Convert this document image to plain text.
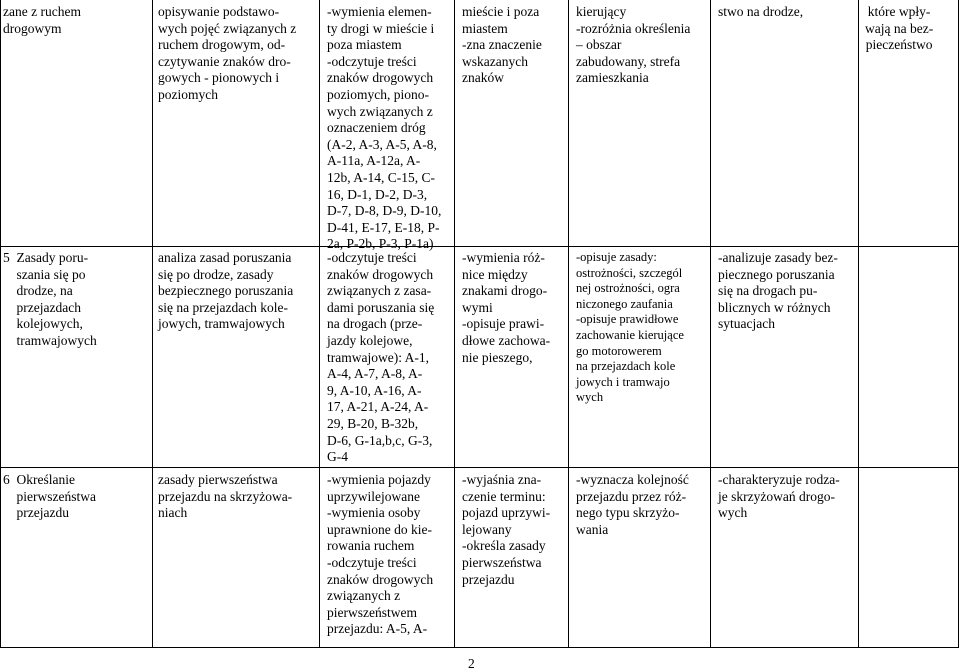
zane z ruchem
drogowym
opisywanie podstawo-
wych pojęć związanych z
ruchem drogowym, od-
czytywanie znaków dro-
gowych - pionowych i
poziomych
-wymienia elemen-
ty drogi w mieście i
poza miastem
-odczytuje treści
znaków drogowych
poziomych, piono-
wych związanych z
oznaczeniem dróg
(A-2, A-3, A-5, A-8,
A-11a, A-12a, A-
12b, A-14, C-15, C-
16, D-1, D-2, D-3,
D-7, D-8, D-9, D-10,
D-41, E-17, E-18, P-
2a, P-2b, P-3, P-1a)
mieście i poza
miastem
-zna znaczenie
wskazanych
znaków
kierujący
-rozróżnia określenia
– obszar
zabudowany, strefa
zamieszkania
stwo na drodze,	które wpły-
wają na bez-
pieczeństwo
5  Zasady poru-
szania się po
drodze, na
przejazdach
kolejowych,
tramwajowych
analiza zasad poruszania
się po drodze, zasady
bezpiecznego poruszania
się na przejazdach kole-
jowych, tramwajowych
-odczytuje treści
znaków drogowych
związanych z zasa-
dami poruszania się
na drogach (prze-
jazdy kolejowe,
tramwajowe): A-1,
A-4, A-7, A-8, A-
9, A-10, A-16, A-
17, A-21, A-24, A-
29, B-20, B-32b,
D-6, G-1a,b,c, G-3,
G-4
-wymienia róż-
nice między
znakami drogo-
wymi
-opisuje prawi-
dłowe zachowa-
nie pieszego,
-opisuje zasady:
ostrożności, szczegól
nej ostrożności, ogra
niczonego zaufania
-opisuje prawidłowe
zachowanie kierujące
go motorowerem
na przejazdach kole
jowych i tramwajo
wych
-analizuje zasady bez-
piecznego poruszania
się na drogach pu-
blicznych w różnych
sytuacjach
6  Określanie
pierwszeństwa
przejazdu
zasady pierwszeństwa
przejazdu na skrzyżowa-
niach
-wymienia pojazdy
uprzywilejowane
-wymienia osoby
uprawnione do kie-
rowania ruchem
-odczytuje treści
znaków drogowych
związanych z
pierwszeństwem
przejazdu: A-5, A-
-wyjaśnia zna-
czenie terminu:
pojazd uprzywi-
lejowany
-określa zasady
pierwszeństwa
przejazdu
-wyznacza kolejność
przejazdu przez róż-
nego typu skrzyżo-
wania
-charakteryzuje rodza-
je skrzyżowań drogo-
wych
2
